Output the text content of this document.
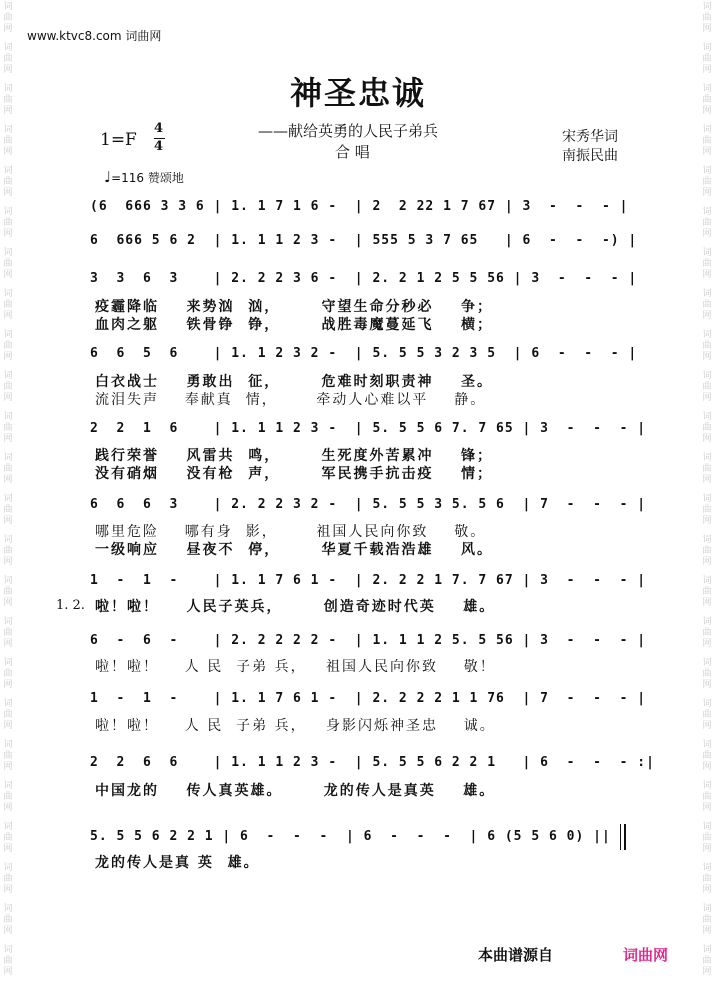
词
曲
网
词
曲
网
词
曲
网
词
曲
网
词
曲
网
词
曲
网
词
曲
网
词
曲
网
词
曲
网
词
曲
网
词
曲
网
词
曲
网
词
曲
网
词
曲
网
词
曲
网
词
曲
网
词
曲
网
词
曲
网
词
曲
网
词
曲
网
词
曲
网
词
曲
网
词
曲
网
词
曲
网
词
曲
网
词
曲
网
词
曲
网
词
曲
网
词
曲
网
词
曲
网
词
曲
网
词
曲
网
词
曲
网
词
曲
网
词
曲
网
词
曲
网
词
曲
网
词
曲
网
词
曲
网
词
曲
网
词
曲
网
词
曲
网
词
曲
网
词
曲
网
词
曲
网
词
曲
网
词
曲
网
词
曲
网
www.ktvc8.com 词曲网
神圣忠诚
1=F
4
4
——献给英勇的人民子弟兵
合 唱
宋秀华词
南振民曲
♩=116 赞颂地
(6  666 3 3 6 | 1. 1 7 1 6 -  | 2  2 22 1 7 67 | 3  -  -  - |
6  666 5 6 2  | 1. 1 1 2 3 -  | 555 5 3 7 65   | 6  -  -  -) |
3  3  6  3    | 2. 2 2 3 6 -  | 2. 2 1 2 5 5 56 | 3  -  -  - |
疫霾降临    来势汹  汹，      守望生命分秒必    争；
血肉之躯    铁骨铮  铮，      战胜毒魔蔓延飞    横；
6  6  5  6    | 1. 1 2 3 2 -  | 5. 5 5 3 2 3 5  | 6  -  -  - |
白衣战士    勇敢出  征，      危难时刻职责神    圣。
流泪失声    奉献真  情，      牵动人心难以平    静。
2  2  1  6    | 1. 1 1 2 3 -  | 5. 5 5 6 7. 7 65 | 3  -  -  - |
践行荣誉    风雷共  鸣，      生死度外苦累冲    锋；
没有硝烟    没有枪  声，      军民携手抗击疫    情；
6  6  6  3    | 2. 2 2 3 2 -  | 5. 5 5 3 5. 5 6  | 7  -  -  - |
哪里危险    哪有身  影，      祖国人民向你致    敬。
一级响应    昼夜不  停，      华夏千载浩浩雄    风。
1  -  1  -    | 1. 1 7 6 1 -  | 2. 2 2 1 7. 7 67 | 3  -  -  - |
1. 2. 啦！啦！    人民子英兵，      创造奇迹时代英    雄。
6  -  6  -    | 2. 2 2 2 2 -  | 1. 1 1 2 5. 5 56 | 3  -  -  - |
啦！啦！    人 民  子弟 兵，   祖国人民向你致    敬！
1  -  1  -    | 1. 1 7 6 1 -  | 2. 2 2 2 1 1 76  | 7  -  -  - |
啦！啦！    人 民  子弟 兵，   身影闪烁神圣忠    诚。
2  2  6  6    | 1. 1 1 2 3 -  | 5. 5 5 6 2 2 1   | 6  -  -  - :|
中国龙的    传人真英雄。      龙的传人是真英    雄。
5. 5 5 6 2 2 1 | 6  -  -  -  | 6  -  -  -  | 6 (5 5 6 0) ||
龙的传人是真 英  雄。
本曲谱源自	词曲网
